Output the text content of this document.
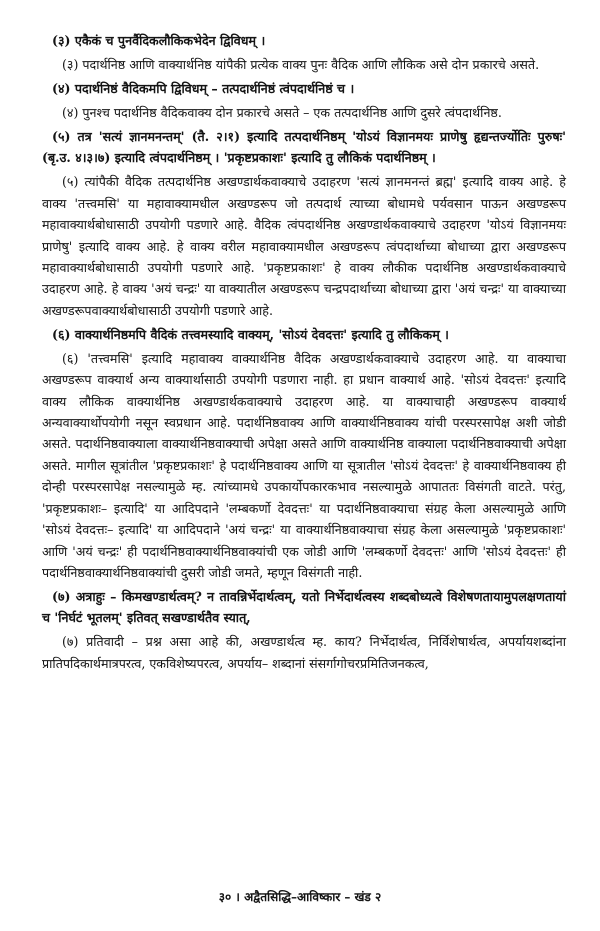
(३) एकैकं च पुनर्वैदिकलौकिकभेदेन द्विविधम् ।

(३) पदार्थनिष्ठ आणि वाक्यार्थनिष्ठ यांपैकी प्रत्येक वाक्य पुनः वैदिक आणि लौकिक असे दोन प्रकारचे असते.

(४) पदार्थनिष्ठं वैदिकमपि द्विविधम् – तत्पदार्थनिष्ठं त्वंपदार्थनिष्ठं च ।

(४) पुनश्च पदार्थनिष्ठ वैदिकवाक्य दोन प्रकारचे असते – एक तत्पदार्थनिष्ठ आणि दुसरे त्वंपदार्थनिष्ठ.

(५) तत्र 'सत्यं ज्ञानमनन्तम्' (तै. २।१) इत्यादि तत्पदार्थनिष्ठम् 'योऽयं विज्ञानमयः प्राणेषु हृद्यन्तर्ज्योतिः पुरुषः' (बृ.उ. ४।३।७) इत्यादि त्वंपदार्थनिष्ठम् । 'प्रकृष्टप्रकाशः' इत्यादि तु लौकिकं पदार्थनिष्ठम् ।

(५) त्यांपैकी वैदिक तत्पदार्थनिष्ठ अखण्डार्थकवाक्याचे उदाहरण 'सत्यं ज्ञानमनन्तं ब्रह्म' इत्यादि वाक्य आहे. हे वाक्य 'तत्त्वमसि' या महावाक्यामधील अखण्डरूप जो तत्पदार्थ त्याच्या बोधामधे पर्यवसान पाऊन अखण्डरूप महावाक्यार्थबोधासाठी उपयोगी पडणारे आहे. वैदिक त्वंपदार्थनिष्ठ अखण्डार्थकवाक्याचे उदाहरण 'योऽयं विज्ञानमयः प्राणेषु' इत्यादि वाक्य आहे. हे वाक्य वरील महावाक्यामधील अखण्डरूप त्वंपदार्थाच्या बोधाच्या द्वारा अखण्डरूप महावाक्यार्थबोधासाठी उपयोगी पडणारे आहे. 'प्रकृष्टप्रकाशः' हे वाक्य लौकीक पदार्थनिष्ठ अखण्डार्थकवाक्याचे उदाहरण आहे. हे वाक्य 'अयं चन्द्रः' या वाक्यातील अखण्डरूप चन्द्रपदार्थाच्या बोधाच्या द्वारा 'अयं चन्द्रः' या वाक्याच्या अखण्डरूपवाक्यार्थबोधासाठी उपयोगी पडणारे आहे.

(६) वाक्यार्थनिष्ठमपि वैदिकं तत्त्वमस्यादि वाक्यम्, 'सोऽयं देवदत्तः' इत्यादि तु लौकिकम् ।

(६) 'तत्त्वमसि' इत्यादि महावाक्य वाक्यार्थनिष्ठ वैदिक अखण्डार्थकवाक्याचे उदाहरण आहे. या वाक्याचा अखण्डरूप वाक्यार्थ अन्य वाक्यार्थासाठी उपयोगी पडणारा नाही. हा प्रधान वाक्यार्थ आहे. 'सोऽयं देवदत्तः' इत्यादि वाक्य लौकिक वाक्यार्थनिष्ठ अखण्डार्थकवाक्याचे उदाहरण आहे. या वाक्याचाही अखण्डरूप वाक्यार्थ अन्यवाक्यार्थोपयोगी नसून स्वप्रधान आहे. पदार्थनिष्ठवाक्य आणि वाक्यार्थनिष्ठवाक्य यांची परस्परसापेक्ष अशी जोडी असते. पदार्थनिष्ठवाक्याला वाक्यार्थनिष्ठवाक्याची अपेक्षा असते आणि वाक्यार्थनिष्ठ वाक्याला पदार्थनिष्ठवाक्याची अपेक्षा असते. मागील सूत्रांतील 'प्रकृष्टप्रकाशः' हे पदार्थनिष्ठवाक्य आणि या सूत्रातील 'सोऽयं देवदत्तः' हे वाक्यार्थनिष्ठवाक्य ही दोन्ही परस्परसापेक्ष नसल्यामुळे म्ह. त्यांच्यामधे उपकार्योपकारकभाव नसल्यामुळे आपाततः विसंगती वाटते. परंतु, 'प्रकृष्टप्रकाशः– इत्यादि' या आदिपदाने 'लम्बकर्णो देवदत्तः' या पदार्थनिष्ठवाक्याचा संग्रह केला असल्यामुळे आणि 'सोऽयं देवदत्तः– इत्यादि' या आदिपदाने 'अयं चन्द्रः' या वाक्यार्थनिष्ठवाक्याचा संग्रह केला असल्यामुळे 'प्रकृष्टप्रकाशः' आणि 'अयं चन्द्रः' ही पदार्थनिष्ठवाक्यार्थनिष्ठवाक्यांची एक जोडी आणि 'लम्बकर्णो देवदत्तः' आणि 'सोऽयं देवदत्तः' ही पदार्थनिष्ठवाक्यार्थनिष्ठवाक्यांची दुसरी जोडी जमते, म्हणून विसंगती नाही.

(७) अत्राहुः – किमखण्डार्थत्वम्? न तावन्निर्भेदार्थत्वम्, यतो निर्भेदार्थत्वस्य शब्दबोध्यत्वे विशेषणतायामुपलक्षणतायां च 'निर्घटं भूतलम्' इतिवत् सखण्डार्थतैव स्यात्,

(७) प्रतिवादी – प्रश्न असा आहे की, अखण्डार्थत्व म्ह. काय? निर्भेदार्थत्व, निर्विशेषार्थत्व, अपर्यायशब्दांना प्रातिपदिकार्थमात्रपरत्व, एकविशेष्यपरत्व, अपर्याय– शब्दानां संसर्गागोचरप्रमितिजनकत्व,

३० । अद्वैतसिद्धि–आविष्कार – खंड २
